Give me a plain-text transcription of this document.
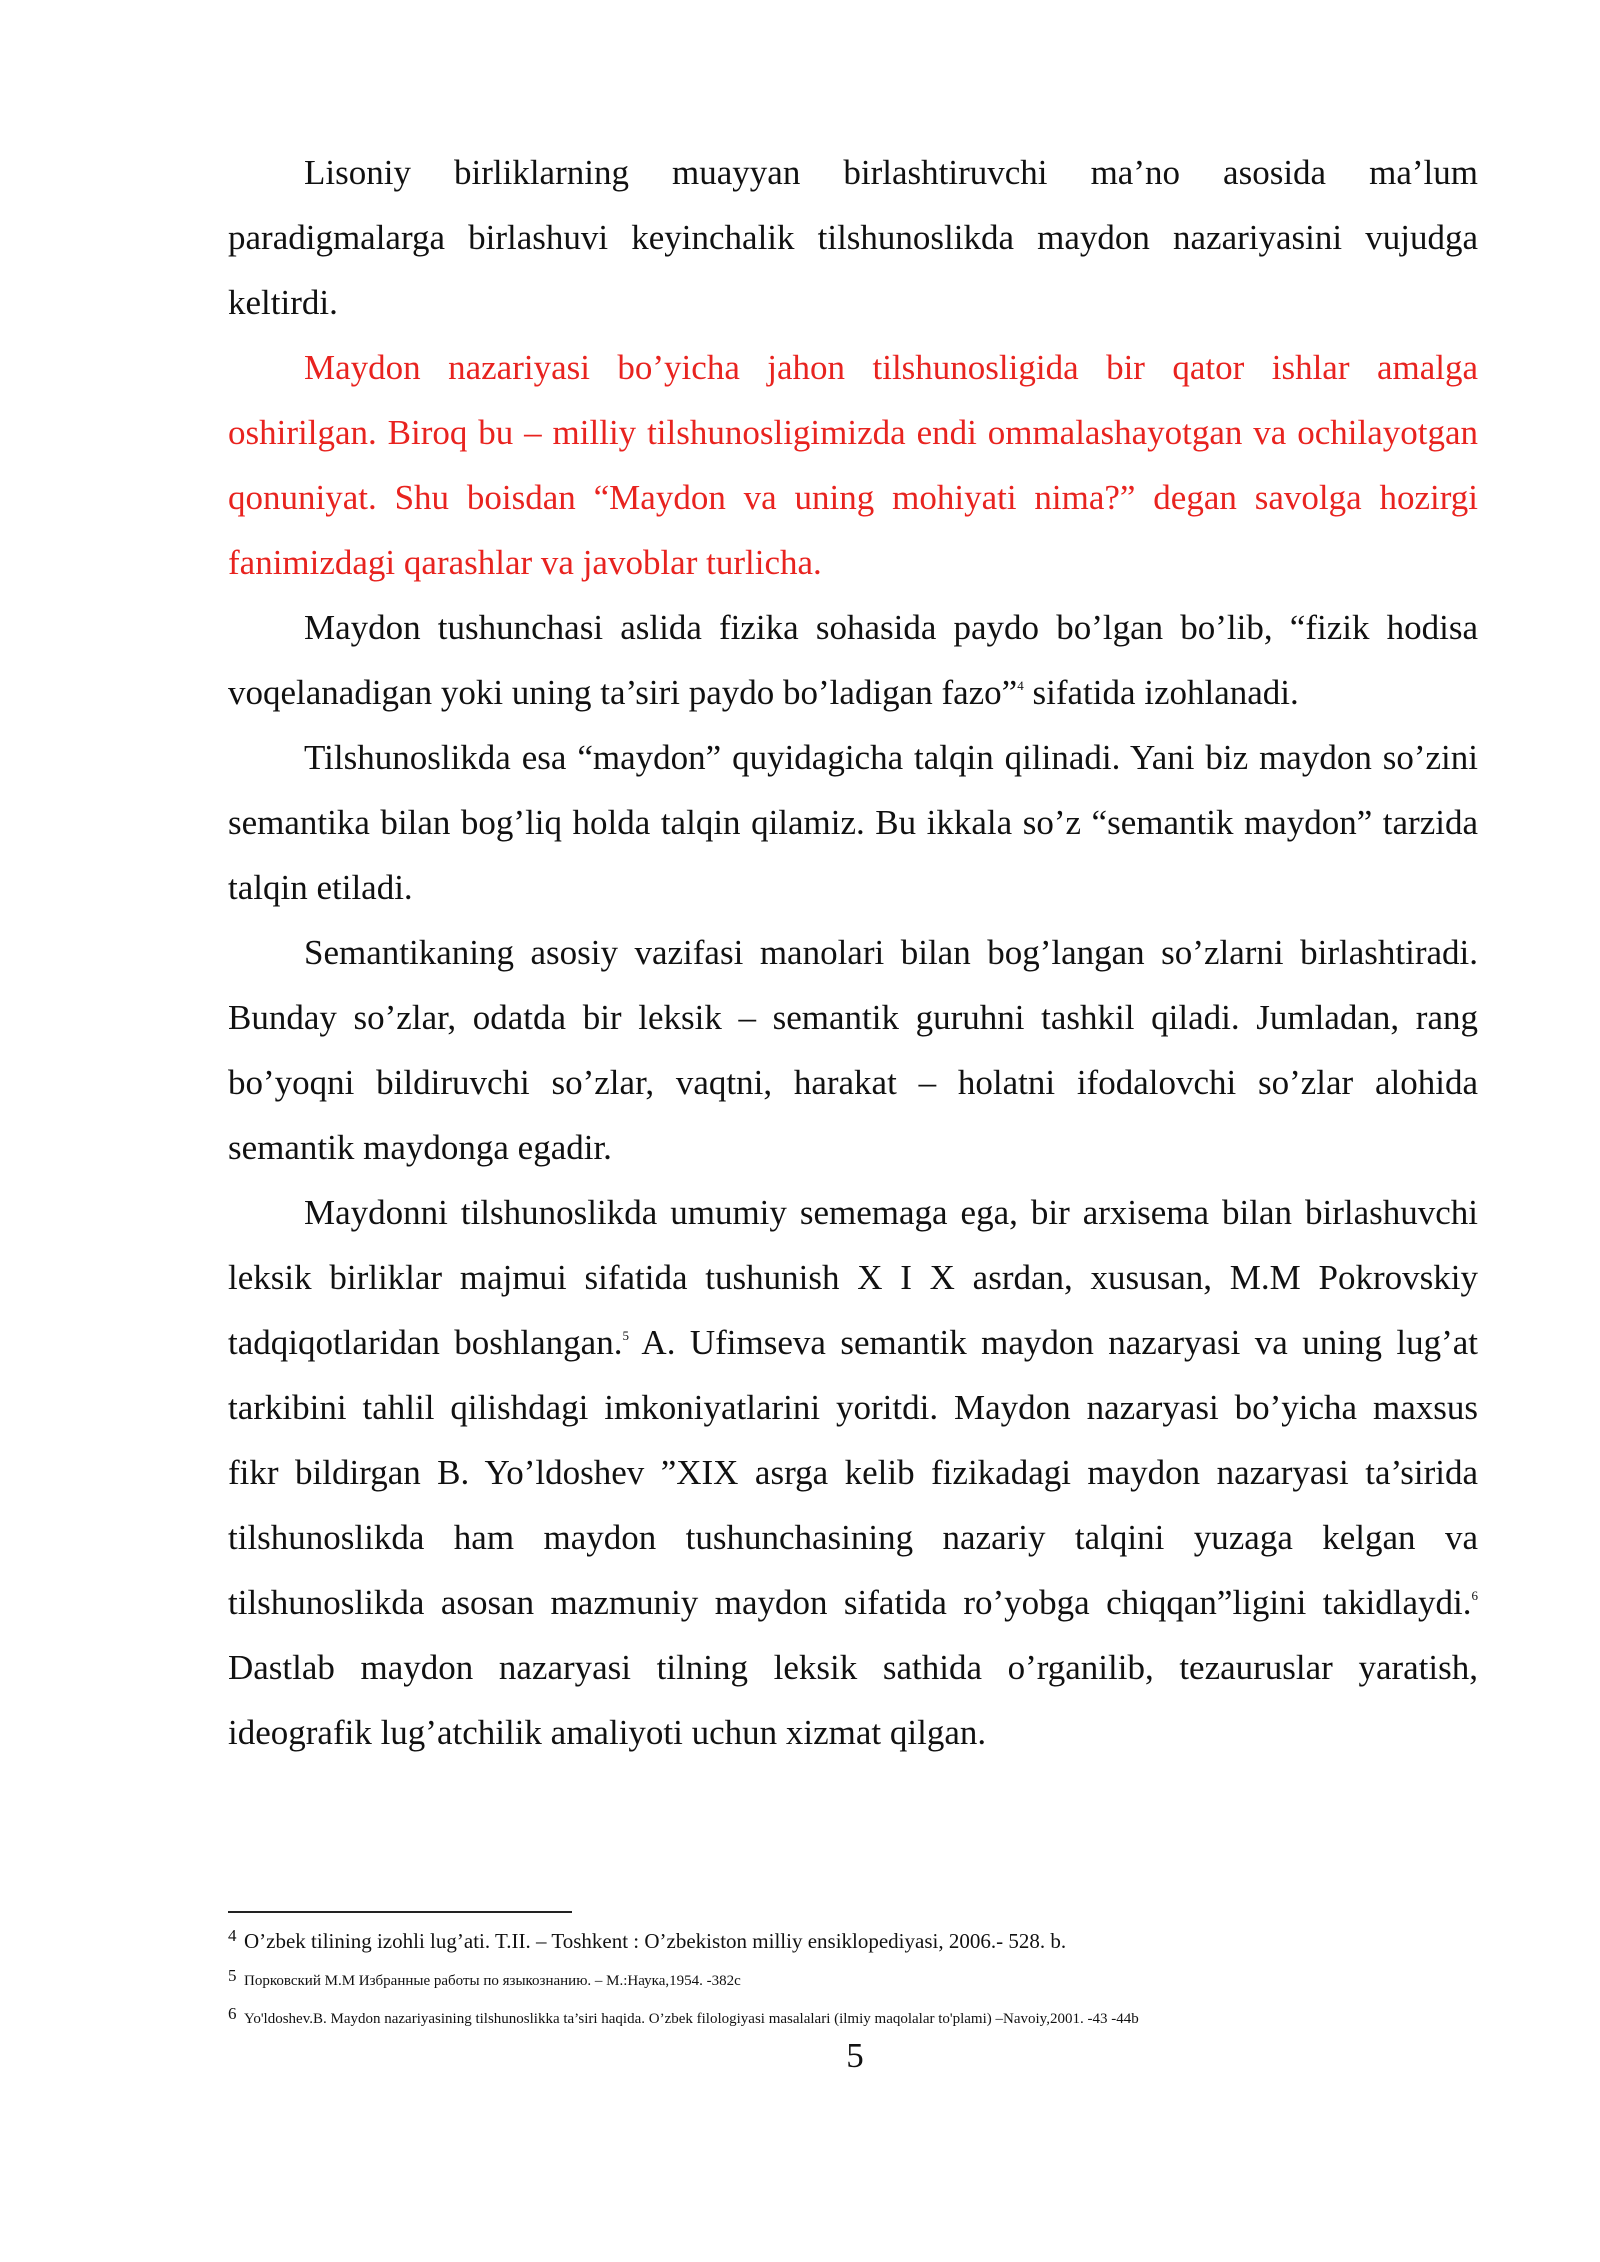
Lisoniy birliklarning muayyan birlashtiruvchi ma’no asosida ma’lum paradigmalarga birlashuvi keyinchalik tilshunoslikda maydon nazariyasini vujudga keltirdi.

Maydon nazariyasi bo’yicha jahon tilshunosligida bir qator ishlar amalga oshirilgan. Biroq bu – milliy tilshunosligimizda endi ommalashayotgan va ochilayotgan qonuniyat. Shu boisdan “Maydon va uning mohiyati nima?” degan savolga hozirgi fanimizdagi qarashlar va javoblar turlicha.

Maydon tushunchasi aslida fizika sohasida paydo bo’lgan bo’lib, “fizik hodisa voqelanadigan yoki uning ta’siri paydo bo’ladigan fazo”$^4$ sifatida izohlanadi.

Tilshunoslikda esa “maydon” quyidagicha talqin qilinadi. Yani biz maydon so’zini semantika bilan bog’liq holda talqin qilamiz. Bu ikkala so’z “semantik maydon” tarzida talqin etiladi.

Semantikaning asosiy vazifasi manolari bilan bog’langan so’zlarni birlashtiradi. Bunday so’zlar, odatda bir leksik – semantik guruhni tashkil qiladi. Jumladan, rang bo’yoqni bildiruvchi so’zlar, vaqtni, harakat – holatni ifodalovchi so’zlar alohida semantik maydonga egadir.

Maydonni tilshunoslikda umumiy sememaga ega, bir arxisema bilan birlashuvchi leksik birliklar majmui sifatida tushunish X I X asrdan, xususan, M.M Pokrovskiy tadqiqotlaridan boshlangan.$^5$ A. Ufimseva semantik maydon nazaryasi va uning lug’at tarkibini tahlil qilishdagi imkoniyatlarini yoritdi. Maydon nazaryasi bo’yicha maxsus fikr bildirgan B. Yo’ldoshev ”XIX asrga kelib fizikadagi maydon nazaryasi ta’sirida tilshunoslikda ham maydon tushunchasining nazariy talqini yuzaga kelgan va tilshunoslikda asosan mazmuniy maydon sifatida ro’yobga chiqqan”ligini takidlaydi.$^6$ Dastlab maydon nazaryasi tilning leksik sathida o’rganilib, tezauruslar yaratish, ideografik lug’atchilik amaliyoti uchun xizmat qilgan.

4 O’zbek tilining izohli lug’ati. T.II. – Toshkent : O’zbekiston milliy ensiklopediyasi, 2006.- 528. b.

5 Порковский М.М Избранные работы по языкознанию. – М.:Наука,1954. -382с

6 Yo'ldoshev.B. Maydon nazariyasining tilshunoslikka ta’siri haqida. O’zbek filologiyasi masalalari (ilmiy maqolalar to'plami) –Navoiy,2001. -43 -44b

5
